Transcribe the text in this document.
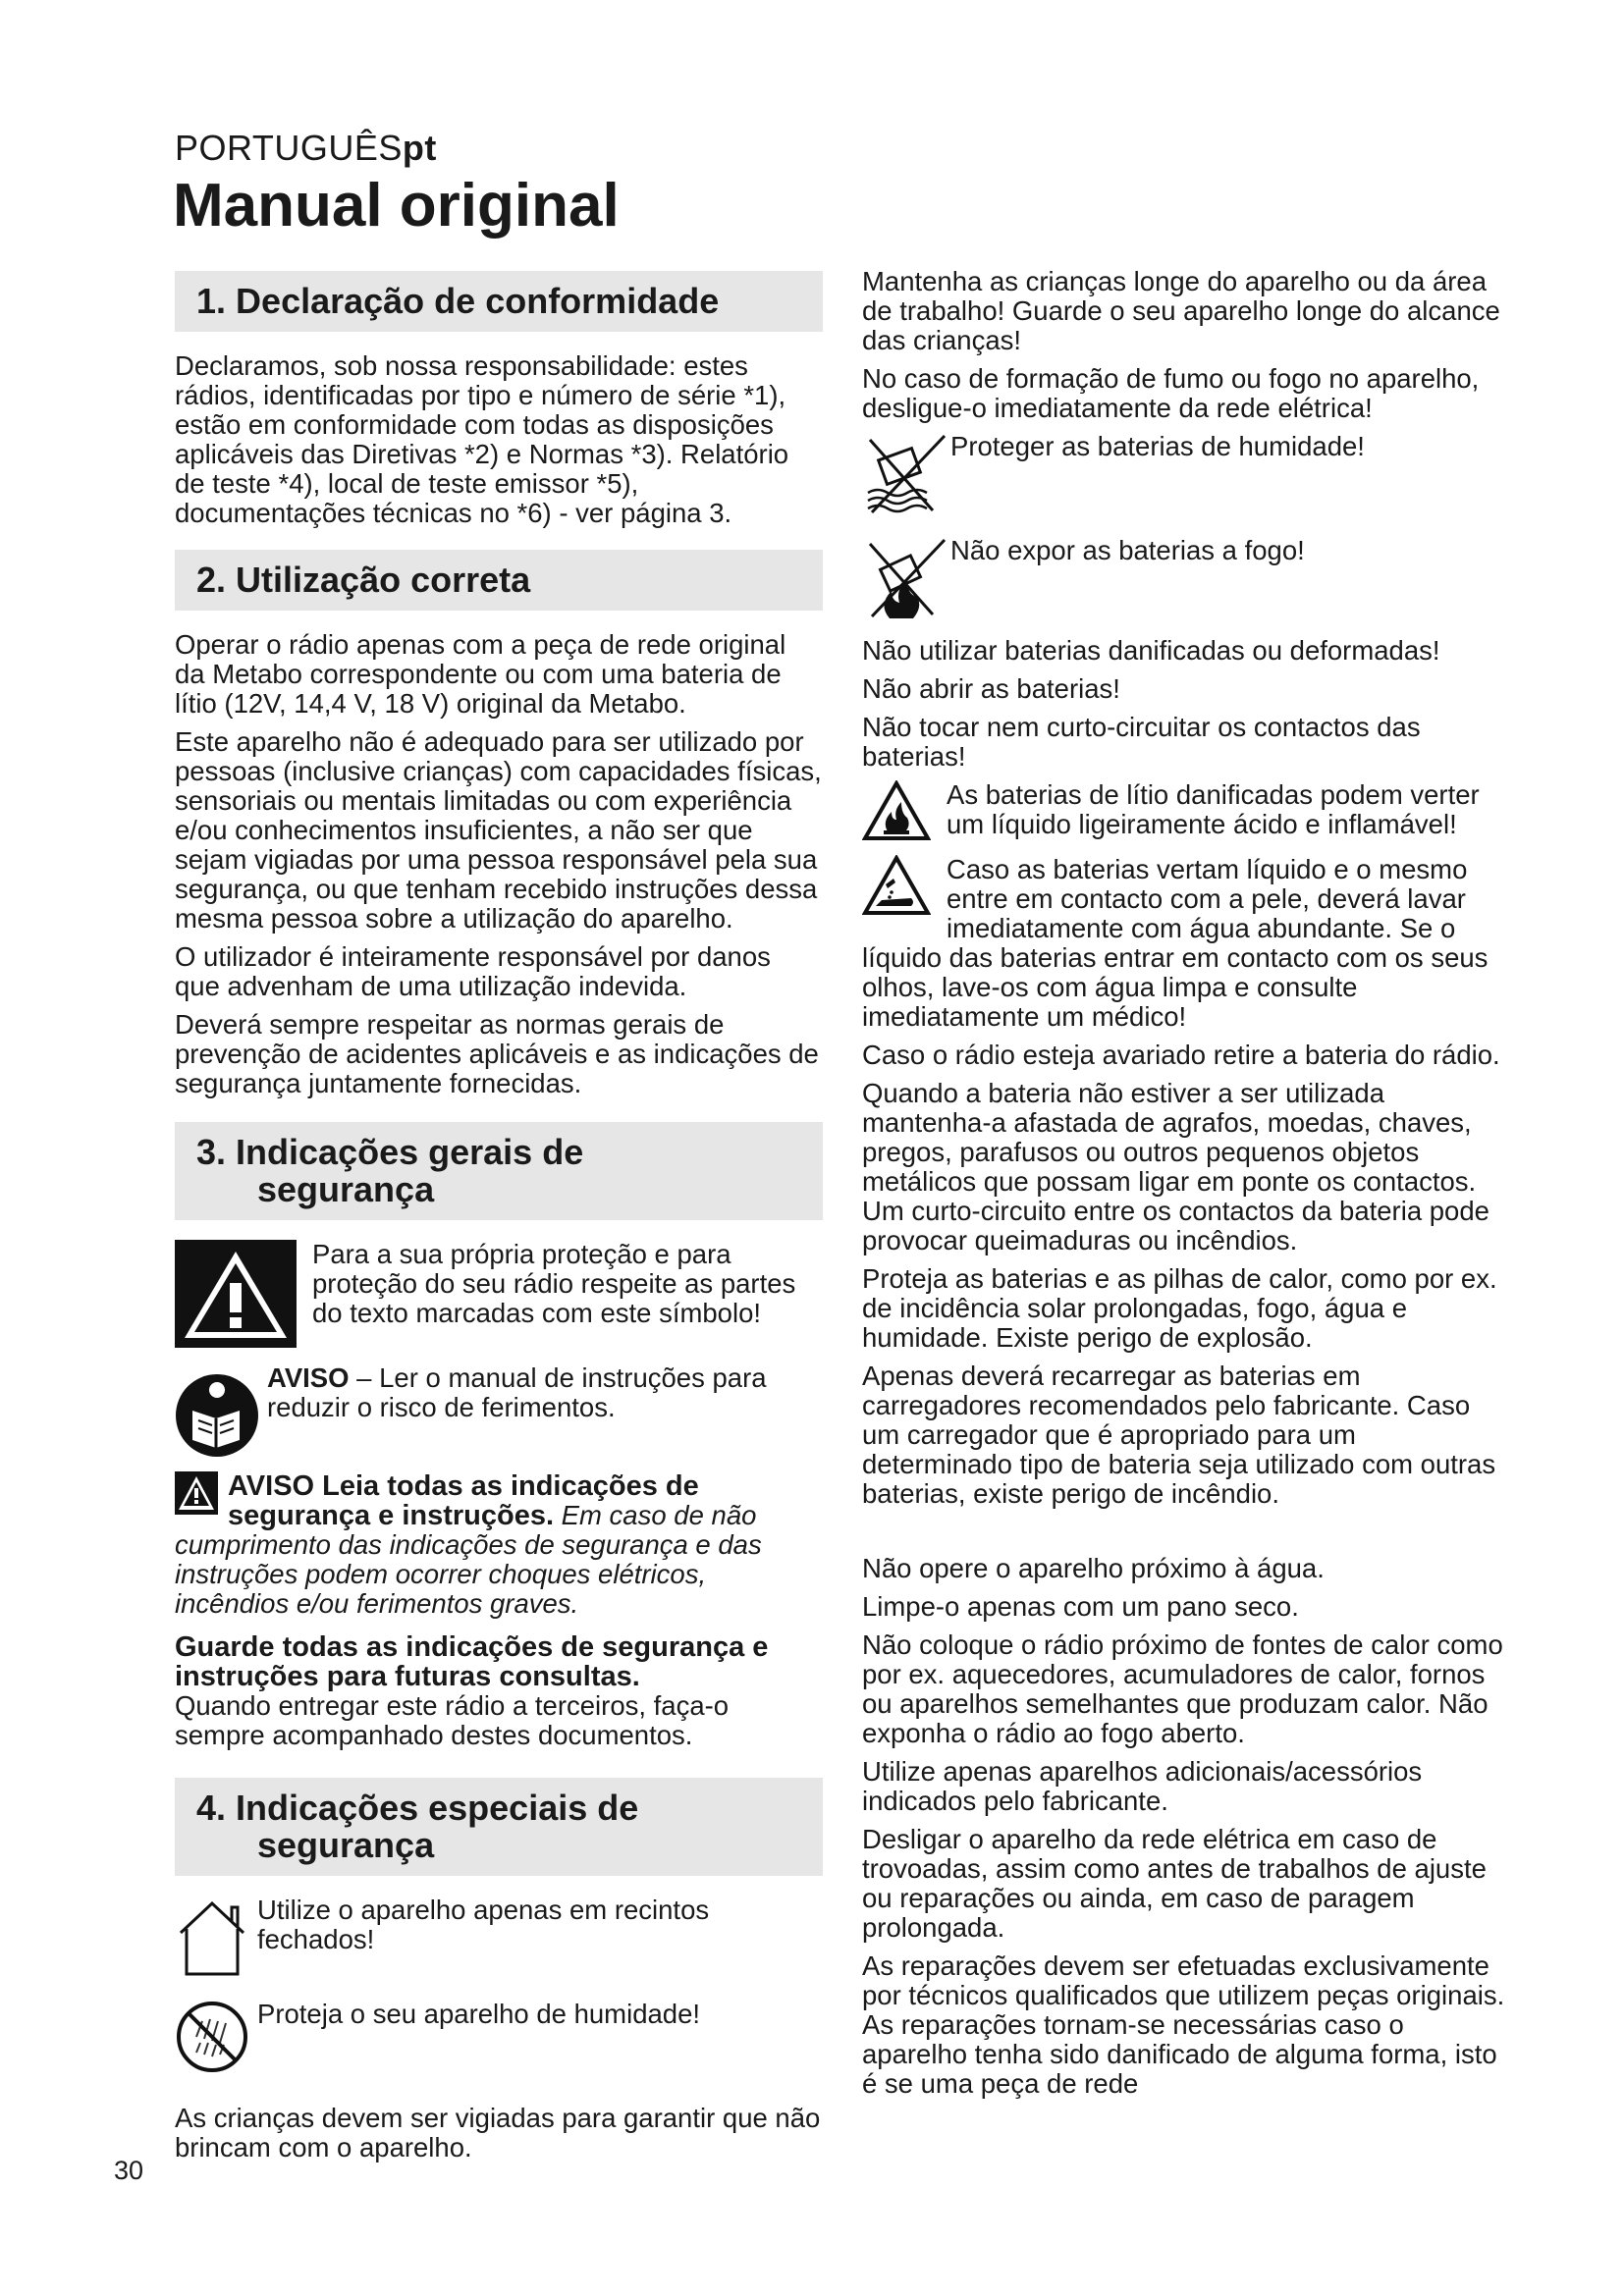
PORTUGUÊSpt
Manual original
1. Declaração de conformidade

Declaramos, sob nossa responsabilidade: estes rádios, identificadas por tipo e número de série *1), estão em conformidade com todas as disposições aplicáveis das Diretivas *2) e Normas *3). Relatório de teste *4), local de teste emissor *5), documentações técnicas no *6) - ver página 3.

2. Utilização correta

Operar o rádio apenas com a peça de rede original da Metabo correspondente ou com uma bateria de lítio (12V, 14,4 V, 18 V) original da Metabo.

Este aparelho não é adequado para ser utilizado por pessoas (inclusive crianças) com capacidades físicas, sensoriais ou mentais limitadas ou com experiência e/ou conhecimentos insuficientes, a não ser que sejam vigiadas por uma pessoa responsável pela sua segurança, ou que tenham recebido instruções dessa mesma pessoa sobre a utilização do aparelho.

O utilizador é inteiramente responsável por danos que advenham de uma utilização indevida.

Deverá sempre respeitar as normas gerais de prevenção de acidentes aplicáveis e as indicações de segurança juntamente fornecidas.

3. Indicações gerais de
segurança
Para a sua própria proteção e para proteção do seu rádio respeite as partes do texto marcadas com este símbolo!
AVISO – Ler o manual de instruções para reduzir o risco de ferimentos.

AVISO Leia todas as indicações de segurança e instruções. Em caso de não cumprimento das indicações de segurança e das instruções podem ocorrer choques elétricos, incêndios e/ou ferimentos graves.

Guarde todas as indicações de segurança e instruções para futuras consultas.
Quando entregar este rádio a terceiros, faça-o sempre acompanhado destes documentos.

4. Indicações especiais de
segurança
Utilize o aparelho apenas em recintos fechados!
Proteja o seu aparelho de humidade!

As crianças devem ser vigiadas para garantir que não brincam com o aparelho.

Mantenha as crianças longe do aparelho ou da área de trabalho! Guarde o seu aparelho longe do alcance das crianças!

No caso de formação de fumo ou fogo no aparelho, desligue-o imediatamente da rede elétrica!

Proteger as baterias de humidade!
Não expor as baterias a fogo!

Não utilizar baterias danificadas ou deformadas!

Não abrir as baterias!

Não tocar nem curto-circuitar os contactos das baterias!

As baterias de lítio danificadas podem verter um líquido ligeiramente ácido e inflamável!

Caso as baterias vertam líquido e o mesmo entre em contacto com a pele, deverá lavar imediatamente com água abundante. Se o líquido das baterias entrar em contacto com os seus olhos, lave-os com água limpa e consulte imediatamente um médico!

Caso o rádio esteja avariado retire a bateria do rádio.

Quando a bateria não estiver a ser utilizada mantenha-a afastada de agrafos, moedas, chaves, pregos, parafusos ou outros pequenos objetos metálicos que possam ligar em ponte os contactos. Um curto-circuito entre os contactos da bateria pode provocar queimaduras ou incêndios.

Proteja as baterias e as pilhas de calor, como por ex. de incidência solar prolongadas, fogo, água e humidade. Existe perigo de explosão.

Apenas deverá recarregar as baterias em carregadores recomendados pelo fabricante. Caso um carregador que é apropriado para um determinado tipo de bateria seja utilizado com outras baterias, existe perigo de incêndio.

Não opere o aparelho próximo à água.

Limpe-o apenas com um pano seco.

Não coloque o rádio próximo de fontes de calor como por ex. aquecedores, acumuladores de calor, fornos ou aparelhos semelhantes que produzam calor. Não exponha o rádio ao fogo aberto.

Utilize apenas aparelhos adicionais/acessórios indicados pelo fabricante.

Desligar o aparelho da rede elétrica em caso de trovoadas, assim como antes de trabalhos de ajuste ou reparações ou ainda, em caso de paragem prolongada.

As reparações devem ser efetuadas exclusivamente por técnicos qualificados que utilizem peças originais. As reparações tornam-se necessárias caso o aparelho tenha sido danificado de alguma forma, isto é se uma peça de rede

30
